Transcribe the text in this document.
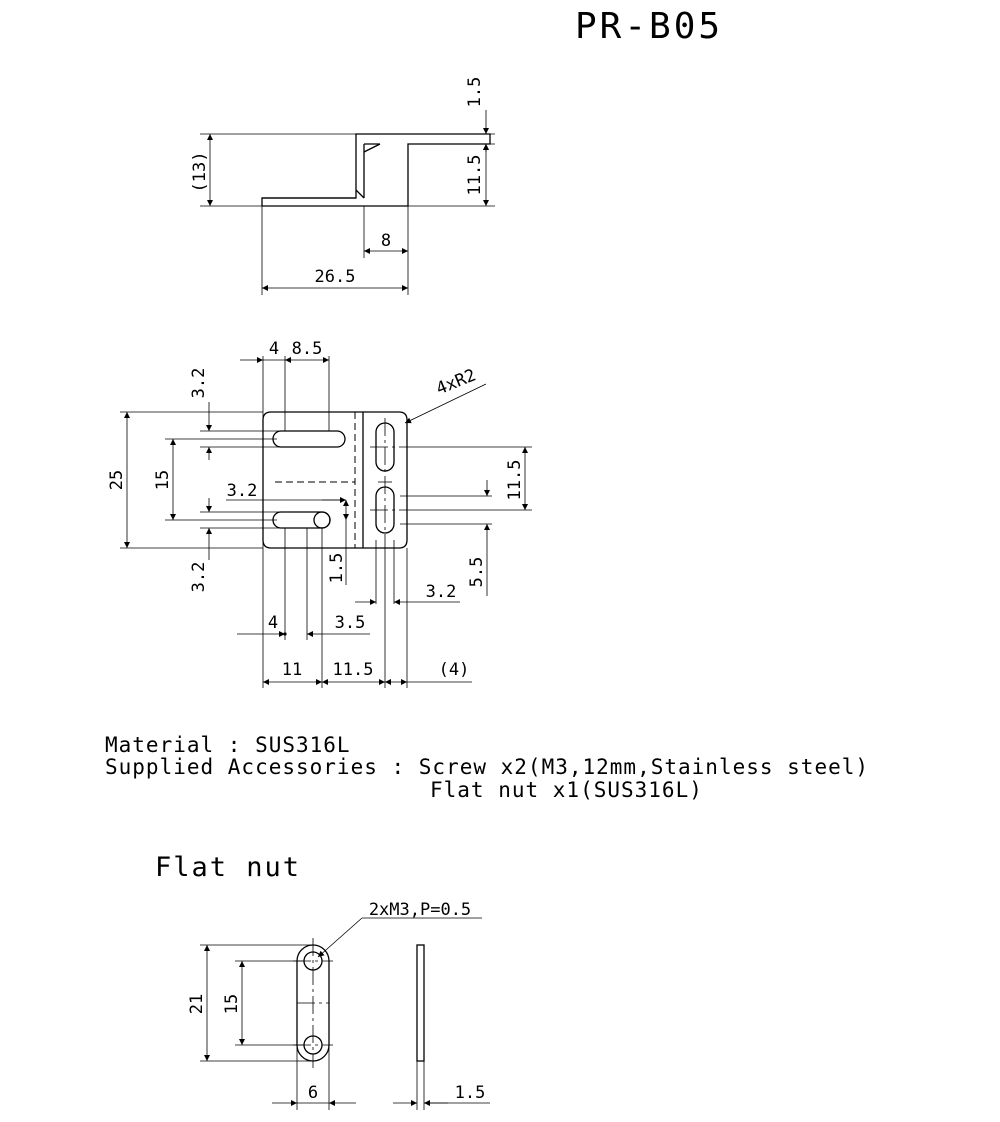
PR-B05
(13)
1.5
11.5
8
26.5
4 8.5
3.2
3.2
25 15
3.2
1.5
11.5
5.5
3.2
4	3.5
11 11.5	(4)
4xR2
Material : SUS316L
Supplied Accessories : Screw x2(M3,12mm,Stainless steel)
Flat nut x1(SUS316L)
Flat nut
21 15
6
2xM3,P=0.5
1.5
